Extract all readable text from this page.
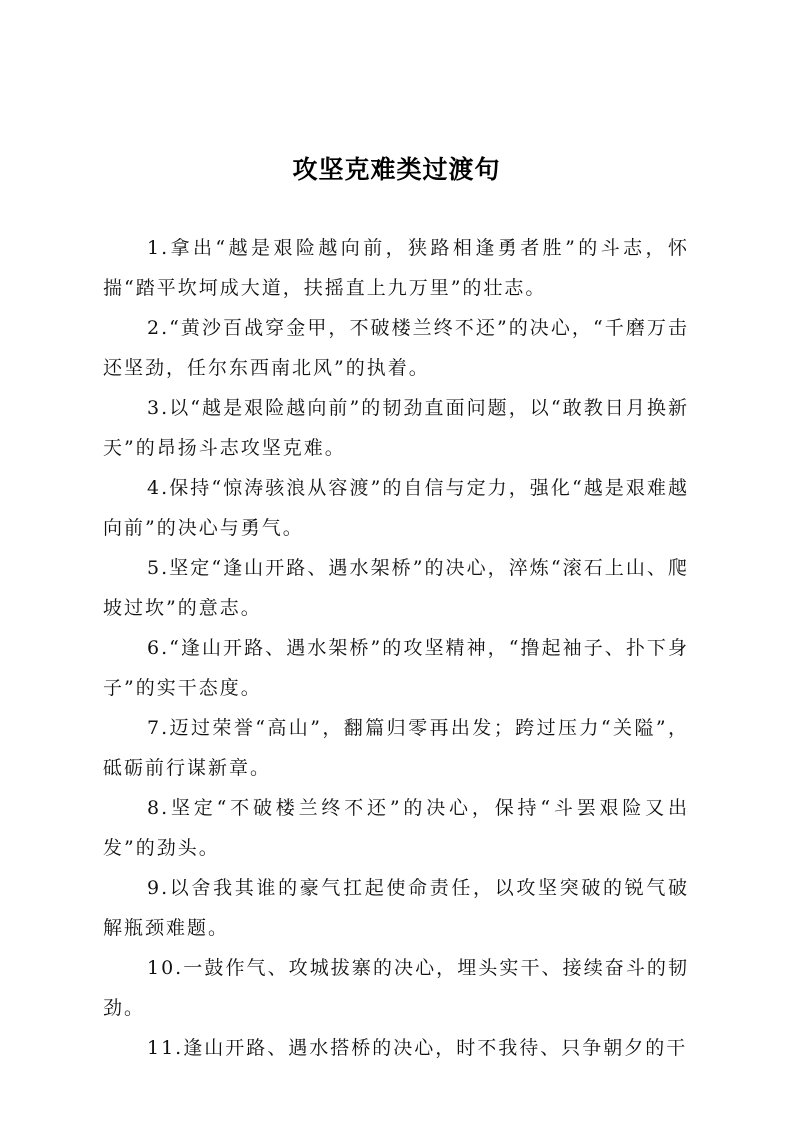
攻坚克难类过渡句

1.拿出“越是艰险越向前，狭路相逢勇者胜”的斗志，怀揣“踏平坎坷成大道，扶摇直上九万里”的壮志。

2.“黄沙百战穿金甲，不破楼兰终不还”的决心，“千磨万击还坚劲，任尔东西南北风”的执着。

3.以“越是艰险越向前”的韧劲直面问题，以“敢教日月换新天”的昂扬斗志攻坚克难。

4.保持“惊涛骇浪从容渡”的自信与定力，强化“越是艰难越向前”的决心与勇气。

5.坚定“逢山开路、遇水架桥”的决心，淬炼“滚石上山、爬坡过坎”的意志。

6.“逢山开路、遇水架桥”的攻坚精神，“撸起袖子、扑下身子”的实干态度。

7.迈过荣誉“高山”，翻篇归零再出发；跨过压力“关隘”，砥砺前行谋新章。

8.坚定“不破楼兰终不还”的决心，保持“斗罢艰险又出发”的劲头。

9.以舍我其谁的豪气扛起使命责任，以攻坚突破的锐气破解瓶颈难题。

10.一鼓作气、攻城拔寨的决心，埋头实干、接续奋斗的韧劲。

11.逢山开路、遇水搭桥的决心，时不我待、只争朝夕的干
